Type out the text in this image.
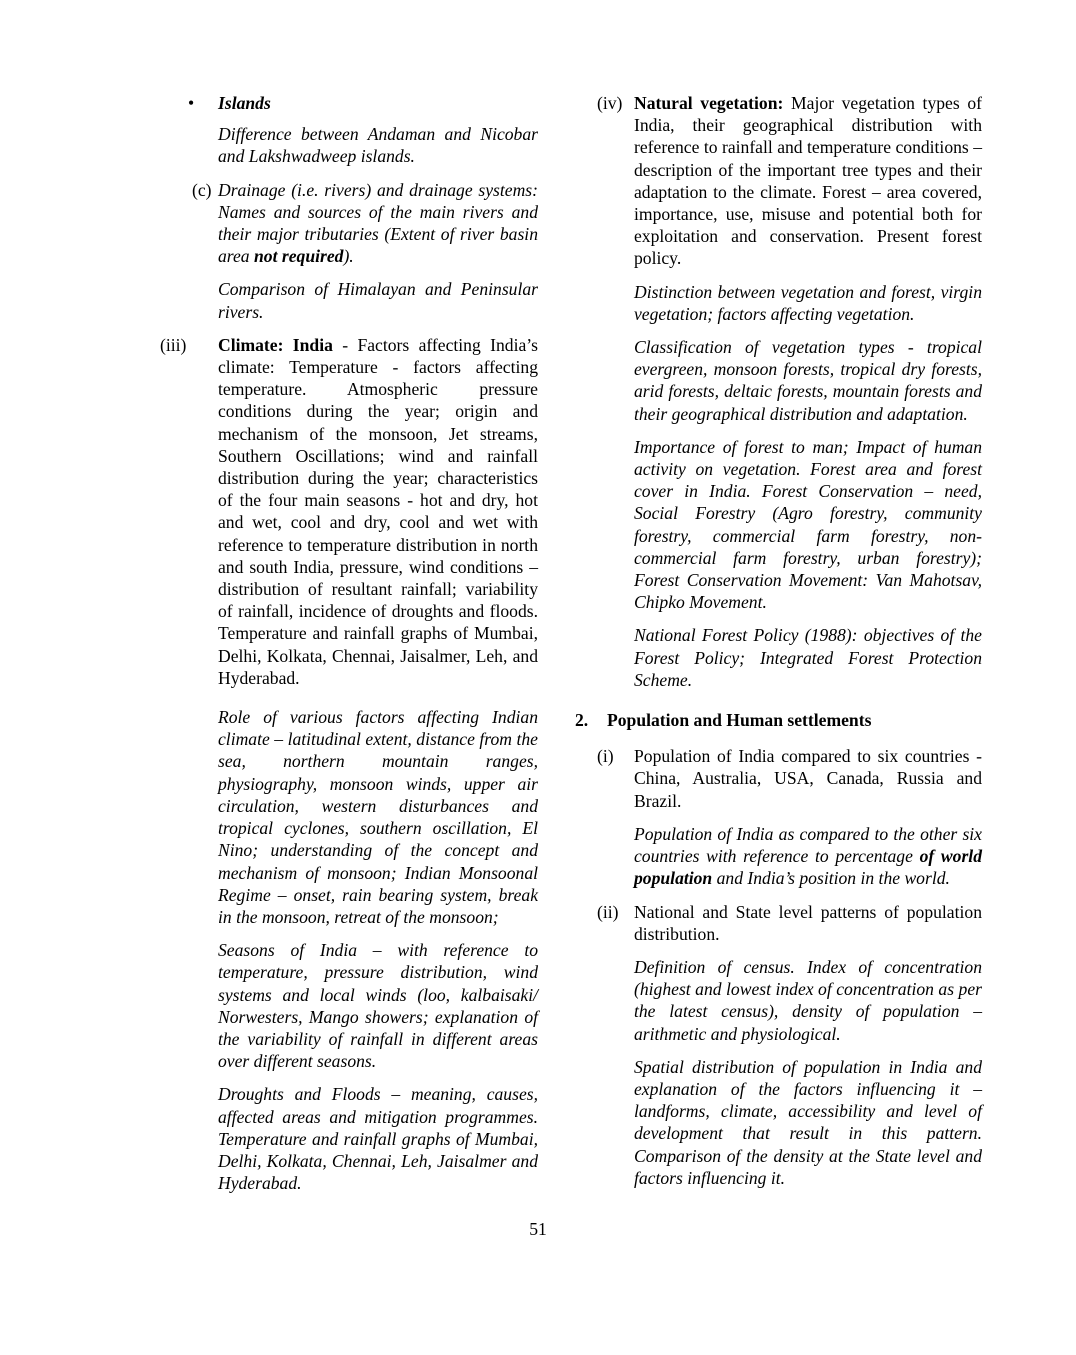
• Islands
Difference between Andaman and Nicobar and Lakshwadweep islands.
(c) Drainage (i.e. rivers) and drainage systems: Names and sources of the main rivers and their major tributaries (Extent of river basin area not required).
Comparison of Himalayan and Peninsular rivers.
(iii) Climate: India - Factors affecting India’s climate: Temperature - factors affecting temperature. Atmospheric pressure conditions during the year; origin and mechanism of the monsoon, Jet streams, Southern Oscillations; wind and rainfall distribution during the year; characteristics of the four main seasons - hot and dry, hot and wet, cool and dry, cool and wet with reference to temperature distribution in north and south India, pressure, wind conditions – distribution of resultant rainfall; variability of rainfall, incidence of droughts and floods. Temperature and rainfall graphs of Mumbai, Delhi, Kolkata, Chennai, Jaisalmer, Leh, and Hyderabad.
Role of various factors affecting Indian climate – latitudinal extent, distance from the sea, northern mountain ranges, physiography, monsoon winds, upper air circulation, western disturbances and tropical cyclones, southern oscillation, El Nino; understanding of the concept and mechanism of monsoon; Indian Monsoonal Regime – onset, rain bearing system, break in the monsoon, retreat of the monsoon;
Seasons of India – with reference to temperature, pressure distribution, wind systems and local winds (loo, kalbaisaki/ Norwesters, Mango showers; explanation of the variability of rainfall in different areas over different seasons.
Droughts and Floods – meaning, causes, affected areas and mitigation programmes. Temperature and rainfall graphs of Mumbai, Delhi, Kolkata, Chennai, Leh, Jaisalmer and Hyderabad.
(iv) Natural vegetation: Major vegetation types of India, their geographical distribution with reference to rainfall and temperature conditions – description of the important tree types and their adaptation to the climate. Forest – area covered, importance, use, misuse and potential both for exploitation and conservation. Present forest policy.
Distinction between vegetation and forest, virgin vegetation; factors affecting vegetation.
Classification of vegetation types - tropical evergreen, monsoon forests, tropical dry forests, arid forests, deltaic forests, mountain forests and their geographical distribution and adaptation.
Importance of forest to man; Impact of human activity on vegetation. Forest area and forest cover in India. Forest Conservation – need, Social Forestry (Agro forestry, community forestry, commercial farm forestry, non-commercial farm forestry, urban forestry); Forest Conservation Movement: Van Mahotsav, Chipko Movement.
National Forest Policy (1988): objectives of the Forest Policy; Integrated Forest Protection Scheme.
2. Population and Human settlements
(i) Population of India compared to six countries - China, Australia, USA, Canada, Russia and Brazil.
Population of India as compared to the other six countries with reference to percentage of world population and India’s position in the world.
(ii) National and State level patterns of population distribution.
Definition of census. Index of concentration (highest and lowest index of concentration as per the latest census), density of population – arithmetic and physiological.
Spatial distribution of population in India and explanation of the factors influencing it – landforms, climate, accessibility and level of development that result in this pattern. Comparison of the density at the State level and factors influencing it.
51
